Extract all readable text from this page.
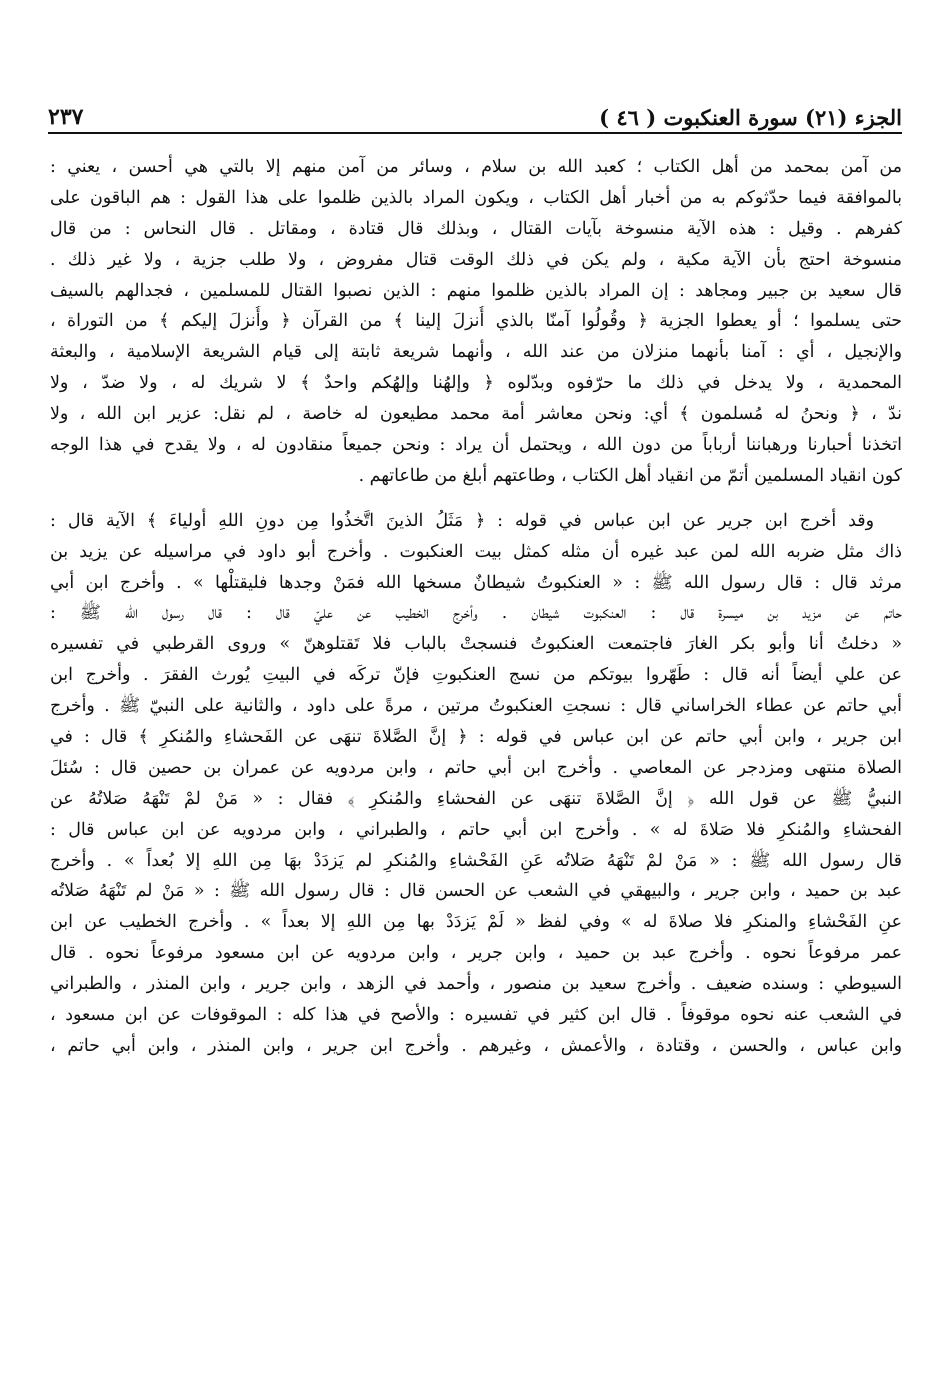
الجزء (٢١) سورة العنكبوت ( ٤٦ )
٢٣٧
من آمن بمحمد من أهل الكتاب ؛ كعبد الله بن سلام ، وسائر من آمن منهم إلا بالتي هي أحسن ، يعني :
بالموافقة فيما حدّثوكم به من أخبار أهل الكتاب ، ويكون المراد بالذين ظلموا على هذا القول : هم الباقون على
كفرهم . وقيل : هذه الآية منسوخة بآيات القتال ، وبذلك قال قتادة ، ومقاتل . قال النحاس : من قال
منسوخة احتج بأن الآية مكية ، ولم يكن في ذلك الوقت قتال مفروض ، ولا طلب جزية ، ولا غير ذلك .
قال سعيد بن جبير ومجاهد : إن المراد بالذين ظلموا منهم : الذين نصبوا القتال للمسلمين ، فجدالهم بالسيف
حتى يسلموا ؛ أو يعطوا الجزية ﴿ وقُولُوا آمنّا بالذي أُنزلَ إلينا ﴾ من القرآن ﴿ وأُنزلَ إليكم ﴾ من التوراة ،
والإنجيل ، أي : آمنا بأنهما منزلان من عند الله ، وأنهما شريعة ثابتة إلى قيام الشريعة الإسلامية ، والبعثة
المحمدية ، ولا يدخل في ذلك ما حرّفوه وبدّلوه ﴿ وإلهُنا وإلهُكم واحدٌ ﴾ لا شريك له ، ولا ضدّ ، ولا
ندّ ، ﴿ ونحنُ له مُسلمون ﴾ أي: ونحن معاشر أمة محمد مطيعون له خاصة ، لم نقل: عزير ابن الله ، ولا
اتخذنا أحبارنا ورهباننا أرباباً من دون الله ، ويحتمل أن يراد : ونحن جميعاً منقادون له ، ولا يقدح في هذا الوجه
كون انقياد المسلمين أتمّ من انقياد أهل الكتاب ، وطاعتهم أبلغ من طاعاتهم .
وقد أخرج ابن جرير عن ابن عباس في قوله : ﴿ مَثَلُ الذينَ اتَّخذُوا مِن دونِ اللهِ أولياءَ ﴾ الآية قال :
ذاك مثل ضربه الله لمن عبد غيره أن مثله كمثل بيت العنكبوت . وأخرج أبو داود في مراسيله عن يزيد بن
مرثد قال : قال رسول الله ﷺ : « العنكبوتُ شيطانٌ مسخها الله فمَنْ وجدها فليقتلْها » . وأخرج ابن أبي
حاتم عن مزيد بن ميسرة قال : العنكبوت شيطان . وأخرج الخطيب عن عليّ قال : قال رسول الله ﷺ :
« دخلتُ أنا وأبو بكر الغارَ فاجتمعت العنكبوتُ فنسجتْ بالباب فلا تَقتلوهنّ » وروى القرطبي في تفسيره
عن علي أيضاً أنه قال : طَهّروا بيوتكم من نسج العنكبوتِ فإنّ تركَه في البيتِ يُورث الفقرَ . وأخرج ابن
أبي حاتم عن عطاء الخراساني قال : نسجتِ العنكبوتُ مرتين ، مرةً على داود ، والثانية على النبيّ ﷺ . وأخرج
ابن جرير ، وابن أبي حاتم عن ابن عباس في قوله : ﴿ إنَّ الصَّلاةَ تنهَى عن الفَحشاءِ والمُنكرِ ﴾ قال : في
الصلاة منتهى ومزدجر عن المعاصي . وأخرج ابن أبي حاتم ، وابن مردويه عن عمران بن حصين قال : سُئلَ
النبيُّ ﷺ عن قول الله ﴿ إنَّ الصَّلاةَ تنهَى عن الفحشاءِ والمُنكرِ ﴾ فقال : « مَنْ لمْ تَنْهَهُ صَلاتُهُ عن
الفحشاءِ والمُنكرِ فلا صَلاةَ له » . وأخرج ابن أبي حاتم ، والطبراني ، وابن مردويه عن ابن عباس قال :
قال رسول الله ﷺ : « مَنْ لمْ تَنْهَهُ صَلاتُه عَنِ الفَحْشاءِ والمُنكرِ لم يَزدَدْ بهَا مِن اللهِ إلا بُعداً » . وأخرج
عبد بن حميد ، وابن جرير ، والبيهقي في الشعب عن الحسن قال : قال رسول الله ﷺ : « مَنْ لم تَنْهَهُ صَلاتُه
عنِ الفَحْشاءِ والمنكرِ فلا صلاةَ له » وفي لفظ « لَمْ يَزدَدْ بها مِن اللهِ إلا بعداً » . وأخرج الخطيب عن ابن
عمر مرفوعاً نحوه . وأخرج عبد بن حميد ، وابن جرير ، وابن مردويه عن ابن مسعود مرفوعاً نحوه . قال
السيوطي : وسنده ضعيف . وأخرج سعيد بن منصور ، وأحمد في الزهد ، وابن جرير ، وابن المنذر ، والطبراني
في الشعب عنه نحوه موقوفاً . قال ابن كثير في تفسيره : والأصح في هذا كله : الموقوفات عن ابن مسعود ،
وابن عباس ، والحسن ، وقتادة ، والأعمش ، وغيرهم . وأخرج ابن جرير ، وابن المنذر ، وابن أبي حاتم ،
